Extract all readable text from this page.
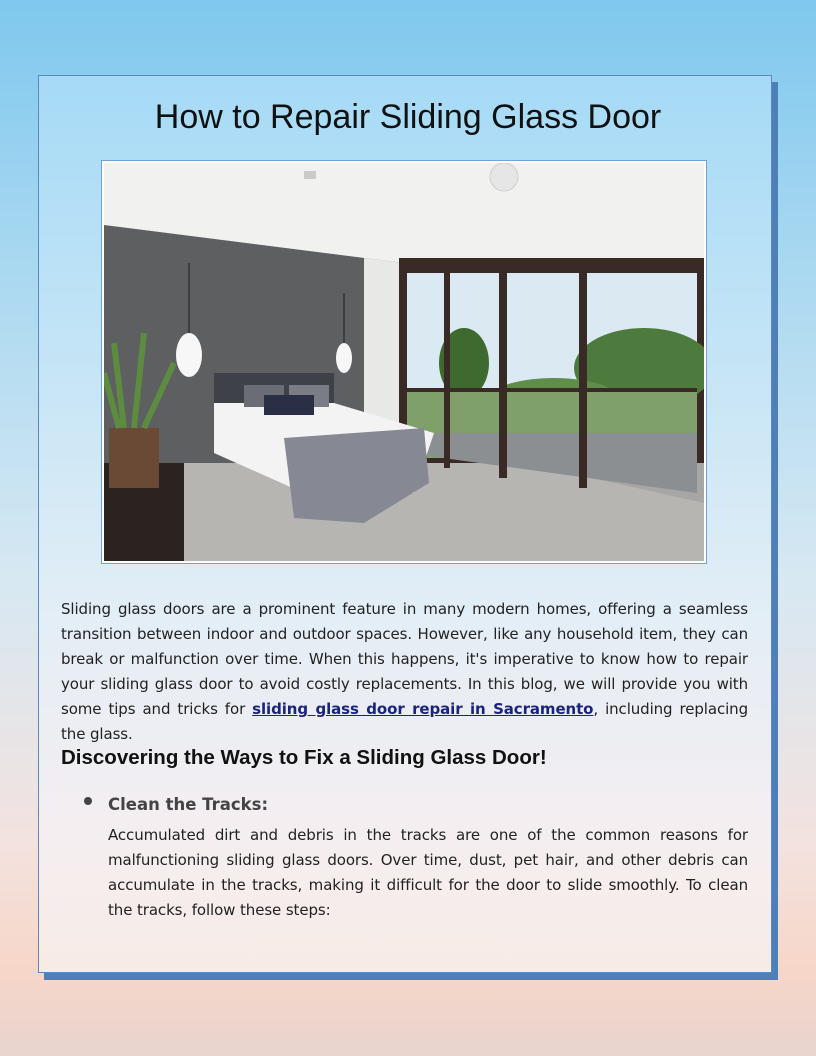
How to Repair Sliding Glass Door
Sliding glass doors are a prominent feature in many modern homes, offering a seamless transition between indoor and outdoor spaces. However, like any household item, they can break or malfunction over time. When this happens, it's imperative to know how to repair your sliding glass door to avoid costly replacements. In this blog, we will provide you with some tips and tricks for sliding glass door repair in Sacramento, including replacing the glass.
Discovering the Ways to Fix a Sliding Glass Door!
Clean the Tracks:
Accumulated dirt and debris in the tracks are one of the common reasons for malfunctioning sliding glass doors. Over time, dust, pet hair, and other debris can accumulate in the tracks, making it difficult for the door to slide smoothly. To clean the tracks, follow these steps:
